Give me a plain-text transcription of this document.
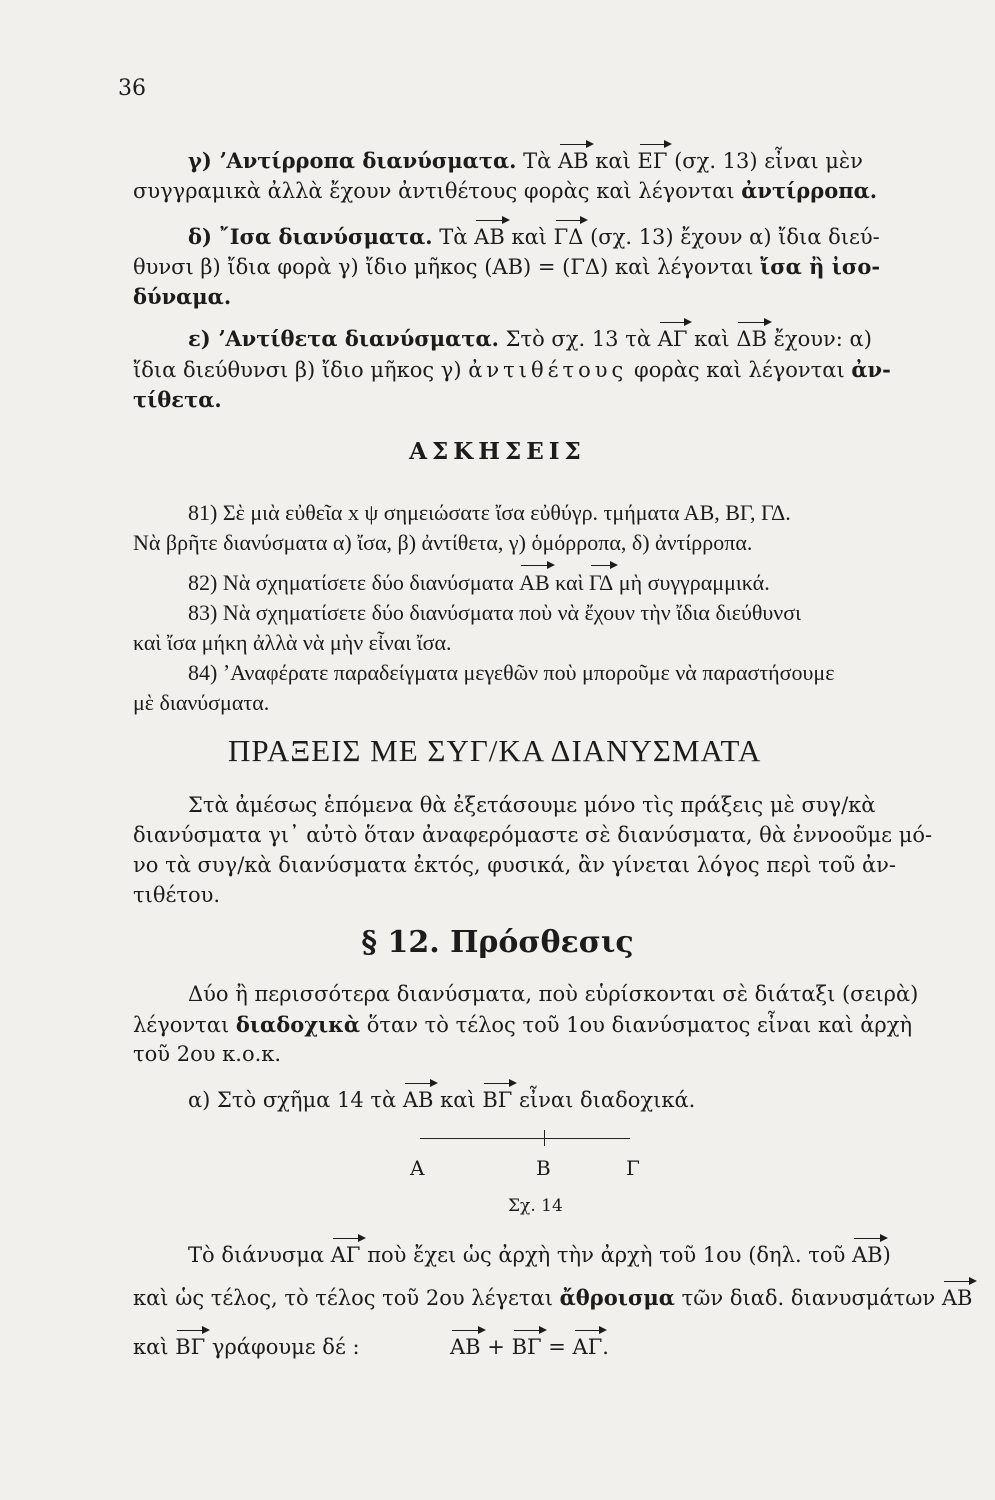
36
γ) ʼΑντίρροπα διανύσματα. Τὰ ΑΒ καὶ ΕΓ (σχ. 13) εἶναι μὲν
συγγραμικὰ ἀλλὰ ἔχουν ἀντιθέτους φορὰς καὶ λέγονται ἀντίρροπα.
δ) ῎Ισα διανύσματα. Τὰ ΑΒ καὶ ΓΔ (σχ. 13) ἔχουν α) ἴδια διεύ-
θυνσι β) ἴδια φορὰ γ) ἴδιο μῆκος (ΑΒ) = (ΓΔ) καὶ λέγονται ἴσα ἢ ἰσο-
δύναμα.
ε) ʼΑντίθετα διανύσματα. Στὸ σχ. 13 τὰ ΑΓ καὶ ΔΒ ἔχουν: α)
ἴδια διεύθυνσι β) ἴδιο μῆκος γ) ἀντιθέτους φορὰς καὶ λέγονται ἀν-
τίθετα.
ΑΣΚΗΣΕΙΣ
81) Σὲ μιὰ εὐθεῖα x ψ σημειώσατε ἴσα εὐθύγρ. τμήματα ΑΒ, ΒΓ, ΓΔ.
Νὰ βρῆτε διανύσματα α) ἴσα, β) ἀντίθετα, γ) ὁμόρροπα, δ) ἀντίρροπα.
82) Νὰ σχηματίσετε δύο διανύσματα ΑΒ καὶ ΓΔ μὴ συγγραμμικά.
83) Νὰ σχηματίσετε δύο διανύσματα ποὺ νὰ ἔχουν τὴν ἴδια διεύθυνσι
καὶ ἴσα μήκη ἀλλὰ νὰ μὴν εἶναι ἴσα.
84) ʼΑναφέρατε παραδείγματα μεγεθῶν ποὺ μποροῦμε νὰ παραστήσουμε
μὲ διανύσματα.
ΠΡΑΞΕΙΣ ΜΕ ΣΥΓ/ΚΑ ΔΙΑΝΥΣΜΑΤΑ
Στὰ ἀμέσως ἑπόμενα θὰ ἐξετάσουμε μόνο τὶς πράξεις μὲ συγ/κὰ
διανύσματα γι᾿ αὐτὸ ὅταν ἀναφερόμαστε σὲ διανύσματα, θὰ ἐννοοῦμε μό-
νο τὰ συγ/κὰ διανύσματα ἐκτός, φυσικά, ἂν γίνεται λόγος περὶ τοῦ ἀν-
τιθέτου.
§ 12. Πρόσθεσις
Δύο ἢ περισσότερα διανύσματα, ποὺ εὑρίσκονται σὲ διάταξι (σειρὰ)
λέγονται διαδοχικὰ ὅταν τὸ τέλος τοῦ 1ου διανύσματος εἶναι καὶ ἀρχὴ
τοῦ 2ου κ.ο.κ.
α) Στὸ σχῆμα 14 τὰ ΑΒ καὶ ΒΓ εἶναι διαδοχικά.
Α	Β	Γ
Σχ. 14
Τὸ διάνυσμα ΑΓ ποὺ ἔχει ὡς ἀρχὴ τὴν ἀρχὴ τοῦ 1ου (δηλ. τοῦ ΑΒ)
καὶ ὡς τέλος, τὸ τέλος τοῦ 2ου λέγεται ἄθροισμα τῶν διαδ. διανυσμάτων ΑΒ
καὶ ΒΓ γράφουμε δέ :	ΑΒ + ΒΓ = ΑΓ.
